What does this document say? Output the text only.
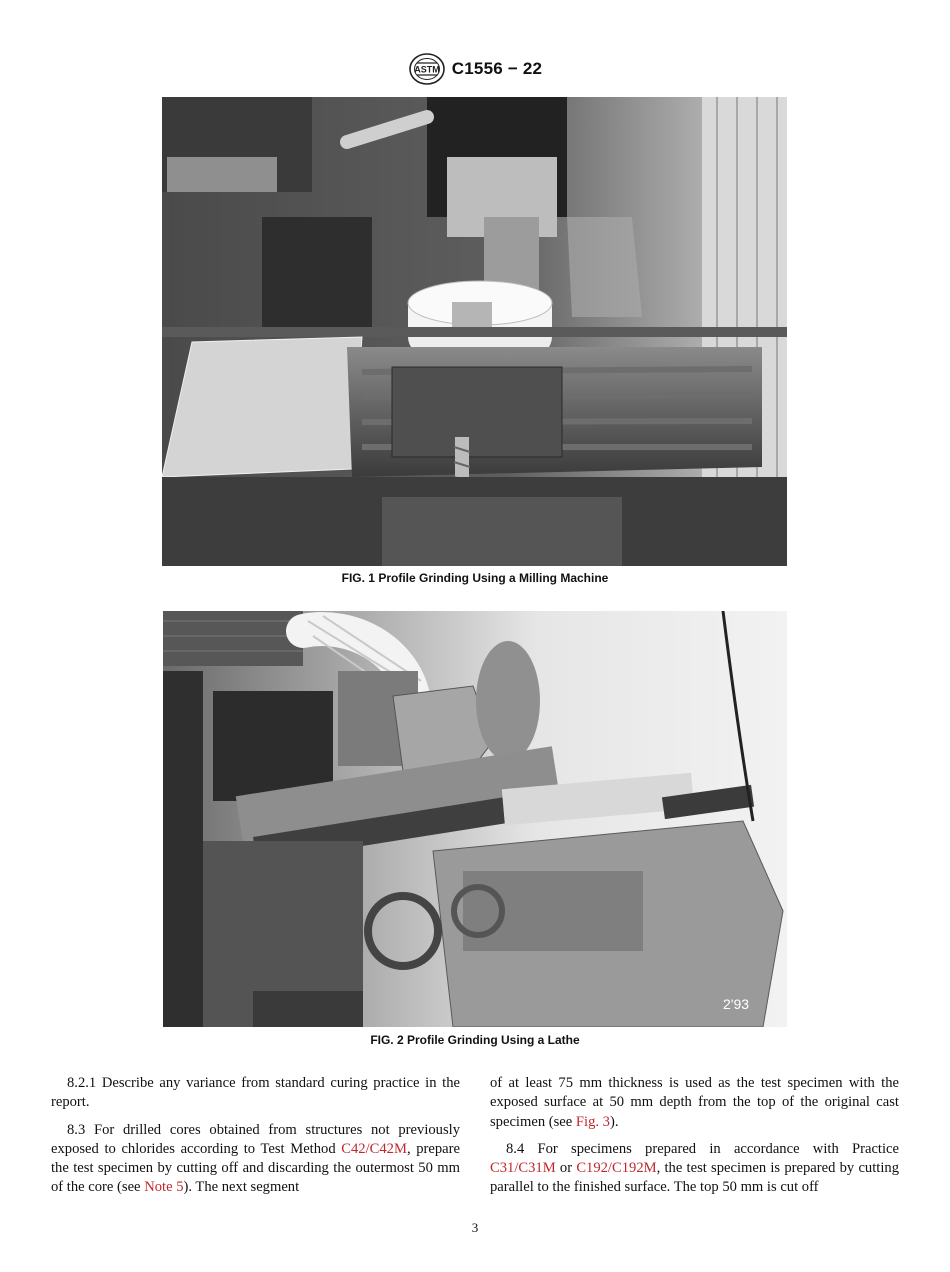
ASTM C1556 − 22
FIG. 1 Profile Grinding Using a Milling Machine
2'93
FIG. 2 Profile Grinding Using a Lathe

8.2.1 Describe any variance from standard curing practice in the report.

8.3 For drilled cores obtained from structures not previously exposed to chlorides according to Test Method C42/C42M, prepare the test specimen by cutting off and discarding the outermost 50 mm of the core (see Note 5). The next segment

of at least 75 mm thickness is used as the test specimen with the exposed surface at 50 mm depth from the top of the original cast specimen (see Fig. 3).

8.4 For specimens prepared in accordance with Practice C31/C31M or C192/C192M, the test specimen is prepared by cutting parallel to the finished surface. The top 50 mm is cut off

3
